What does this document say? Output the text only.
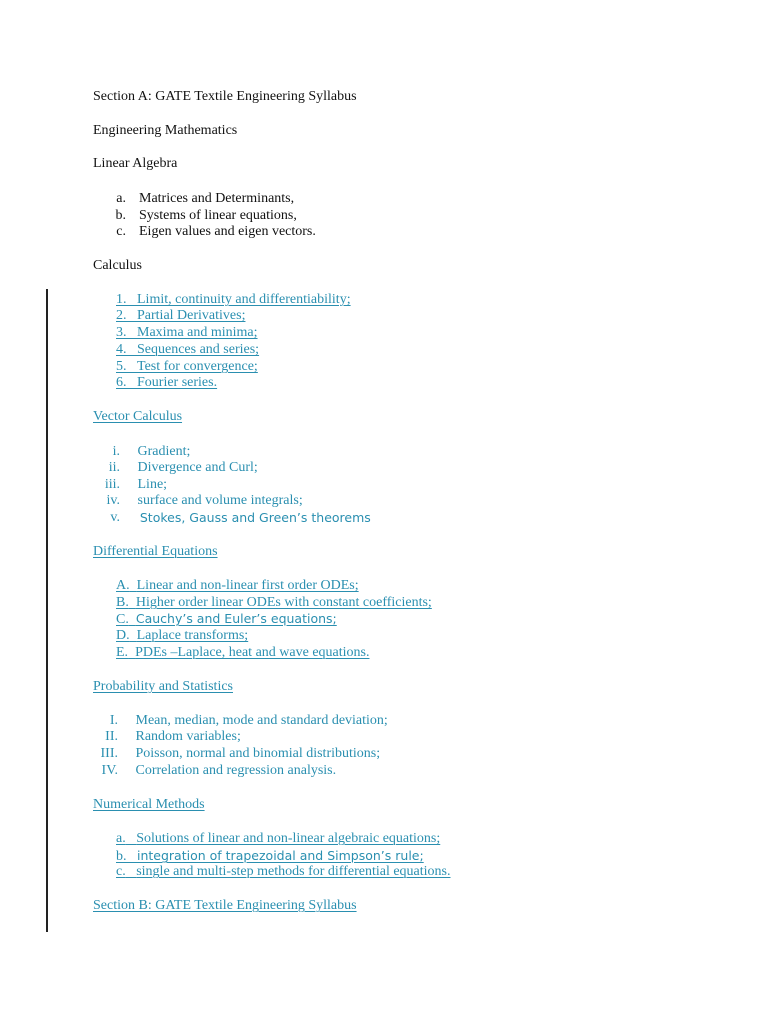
Section A: GATE Textile Engineering Syllabus
Engineering Mathematics
Linear Algebra
a. Matrices and Determinants,
b. Systems of linear equations,
c. Eigen values and eigen vectors.
Calculus
1. Limit, continuity and differentiability;
2. Partial Derivatives;
3. Maxima and minima;
4. Sequences and series;
5. Test for convergence;
6. Fourier series.
Vector Calculus
i.	Gradient;
ii.	Divergence and Curl;
iii.	Line;
iv.	surface and volume integrals;
v.	Stokes, Gauss and Green’s theorems
Differential Equations
A. Linear and non-linear first order ODEs;
B. Higher order linear ODEs with constant coefficients;
C. Cauchy’s and Euler’s equations;
D. Laplace transforms;
E. PDEs –Laplace, heat and wave equations.
Probability and Statistics
I.	Mean, median, mode and standard deviation;
II.	Random variables;
III.	Poisson, normal and binomial distributions;
IV.	Correlation and regression analysis.
Numerical Methods
a. Solutions of linear and non-linear algebraic equations;
b. integration of trapezoidal and Simpson’s rule;
c. single and multi-step methods for differential equations.
Section B: GATE Textile Engineering Syllabus
